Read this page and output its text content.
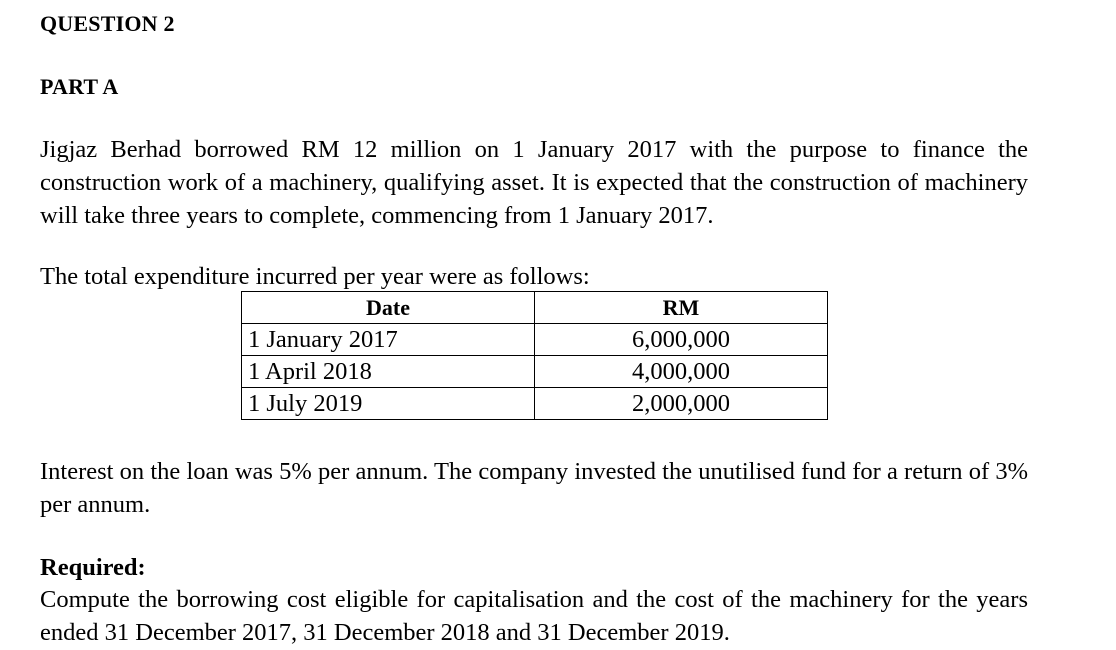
QUESTION 2
PART A

Jigjaz Berhad borrowed RM 12 million on 1 January 2017 with the purpose to finance the construction work of a machinery, qualifying asset. It is expected that the construction of machinery will take three years to complete, commencing from 1 January 2017.

The total expenditure incurred per year were as follows:

Date	RM
1 January 2017	6,000,000
1 April 2018	4,000,000
1 July 2019	2,000,000

Interest on the loan was 5% per annum. The company invested the unutilised fund for a return of 3% per annum.

Required:

Compute the borrowing cost eligible for capitalisation and the cost of the machinery for the years ended 31 December 2017, 31 December 2018 and 31 December 2019.
